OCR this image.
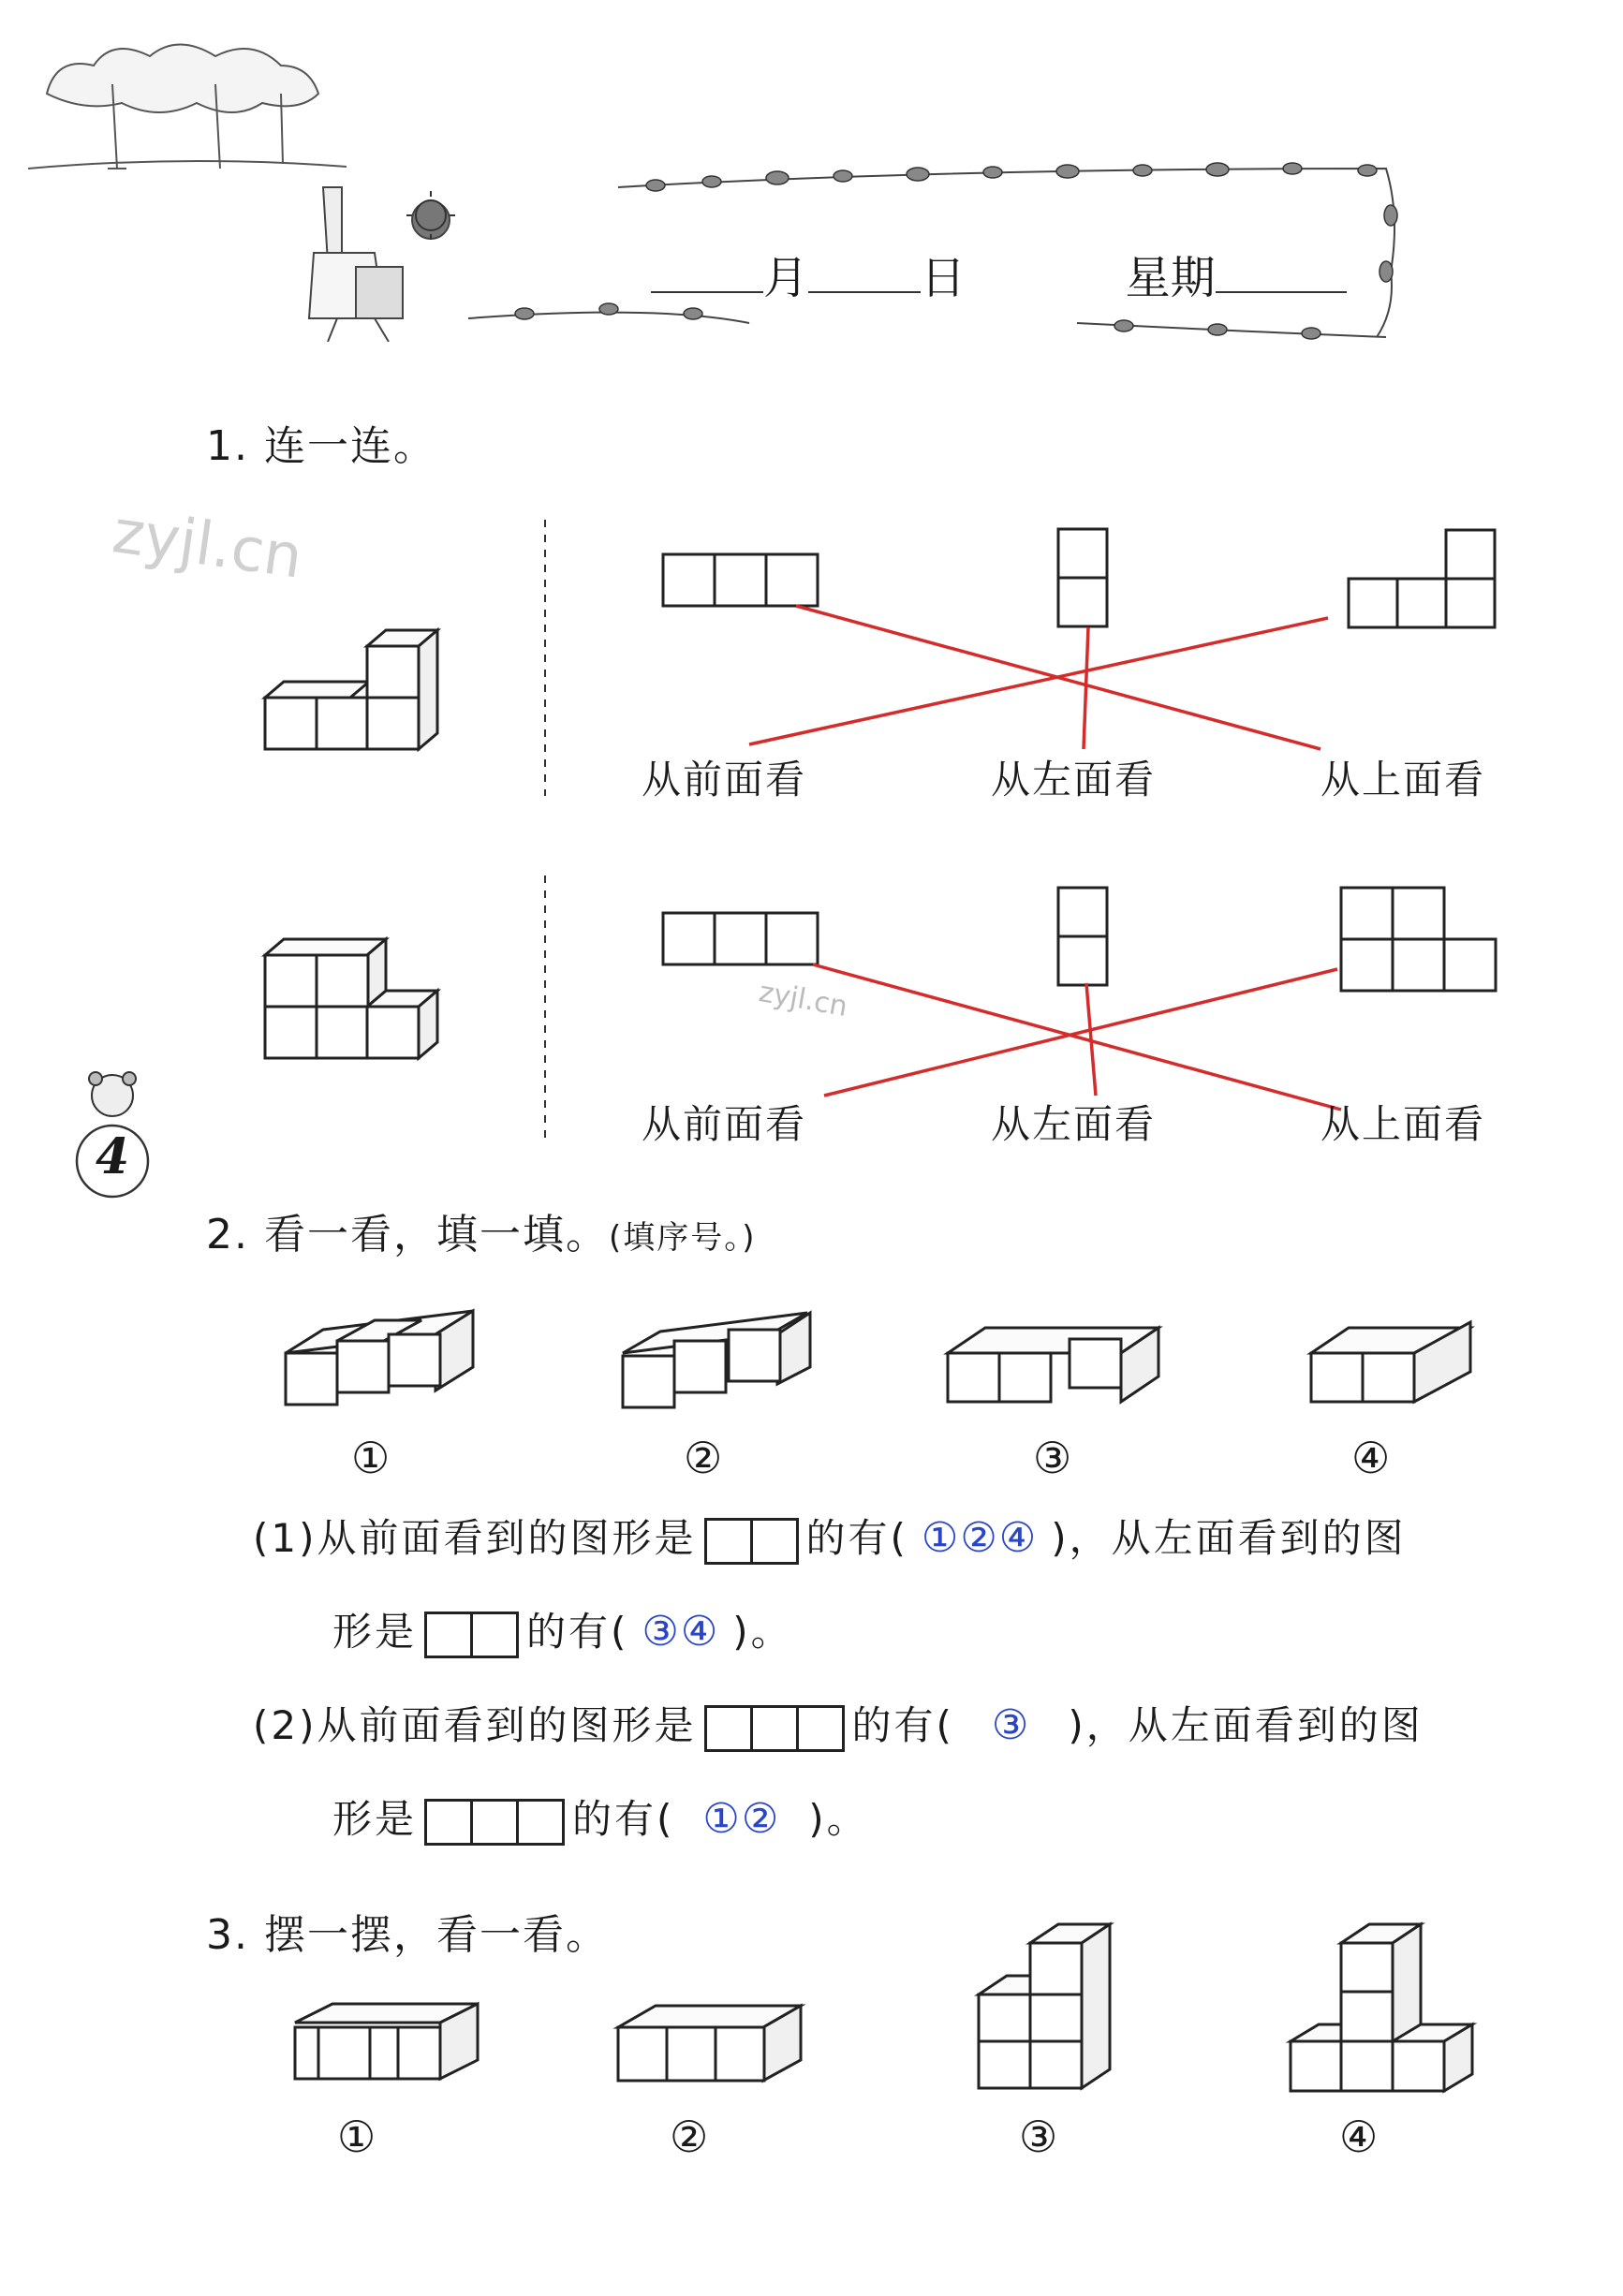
月	日	星期
zyjl.cn
zyjl.cn
4
1. 连一连。
从前面看	从左面看	从上面看
从前面看	从左面看	从上面看
2. 看一看，填一填。(填序号。)
①	②	③	④
(1)从前面看到的图形是	的有( ①②④ )，从左面看到的图
形是	的有( ③④ )。
(2)从前面看到的图形是	的有( ③ )，从左面看到的图
形是	的有( ①② )。
3. 摆一摆，看一看。
①	②	③	④
